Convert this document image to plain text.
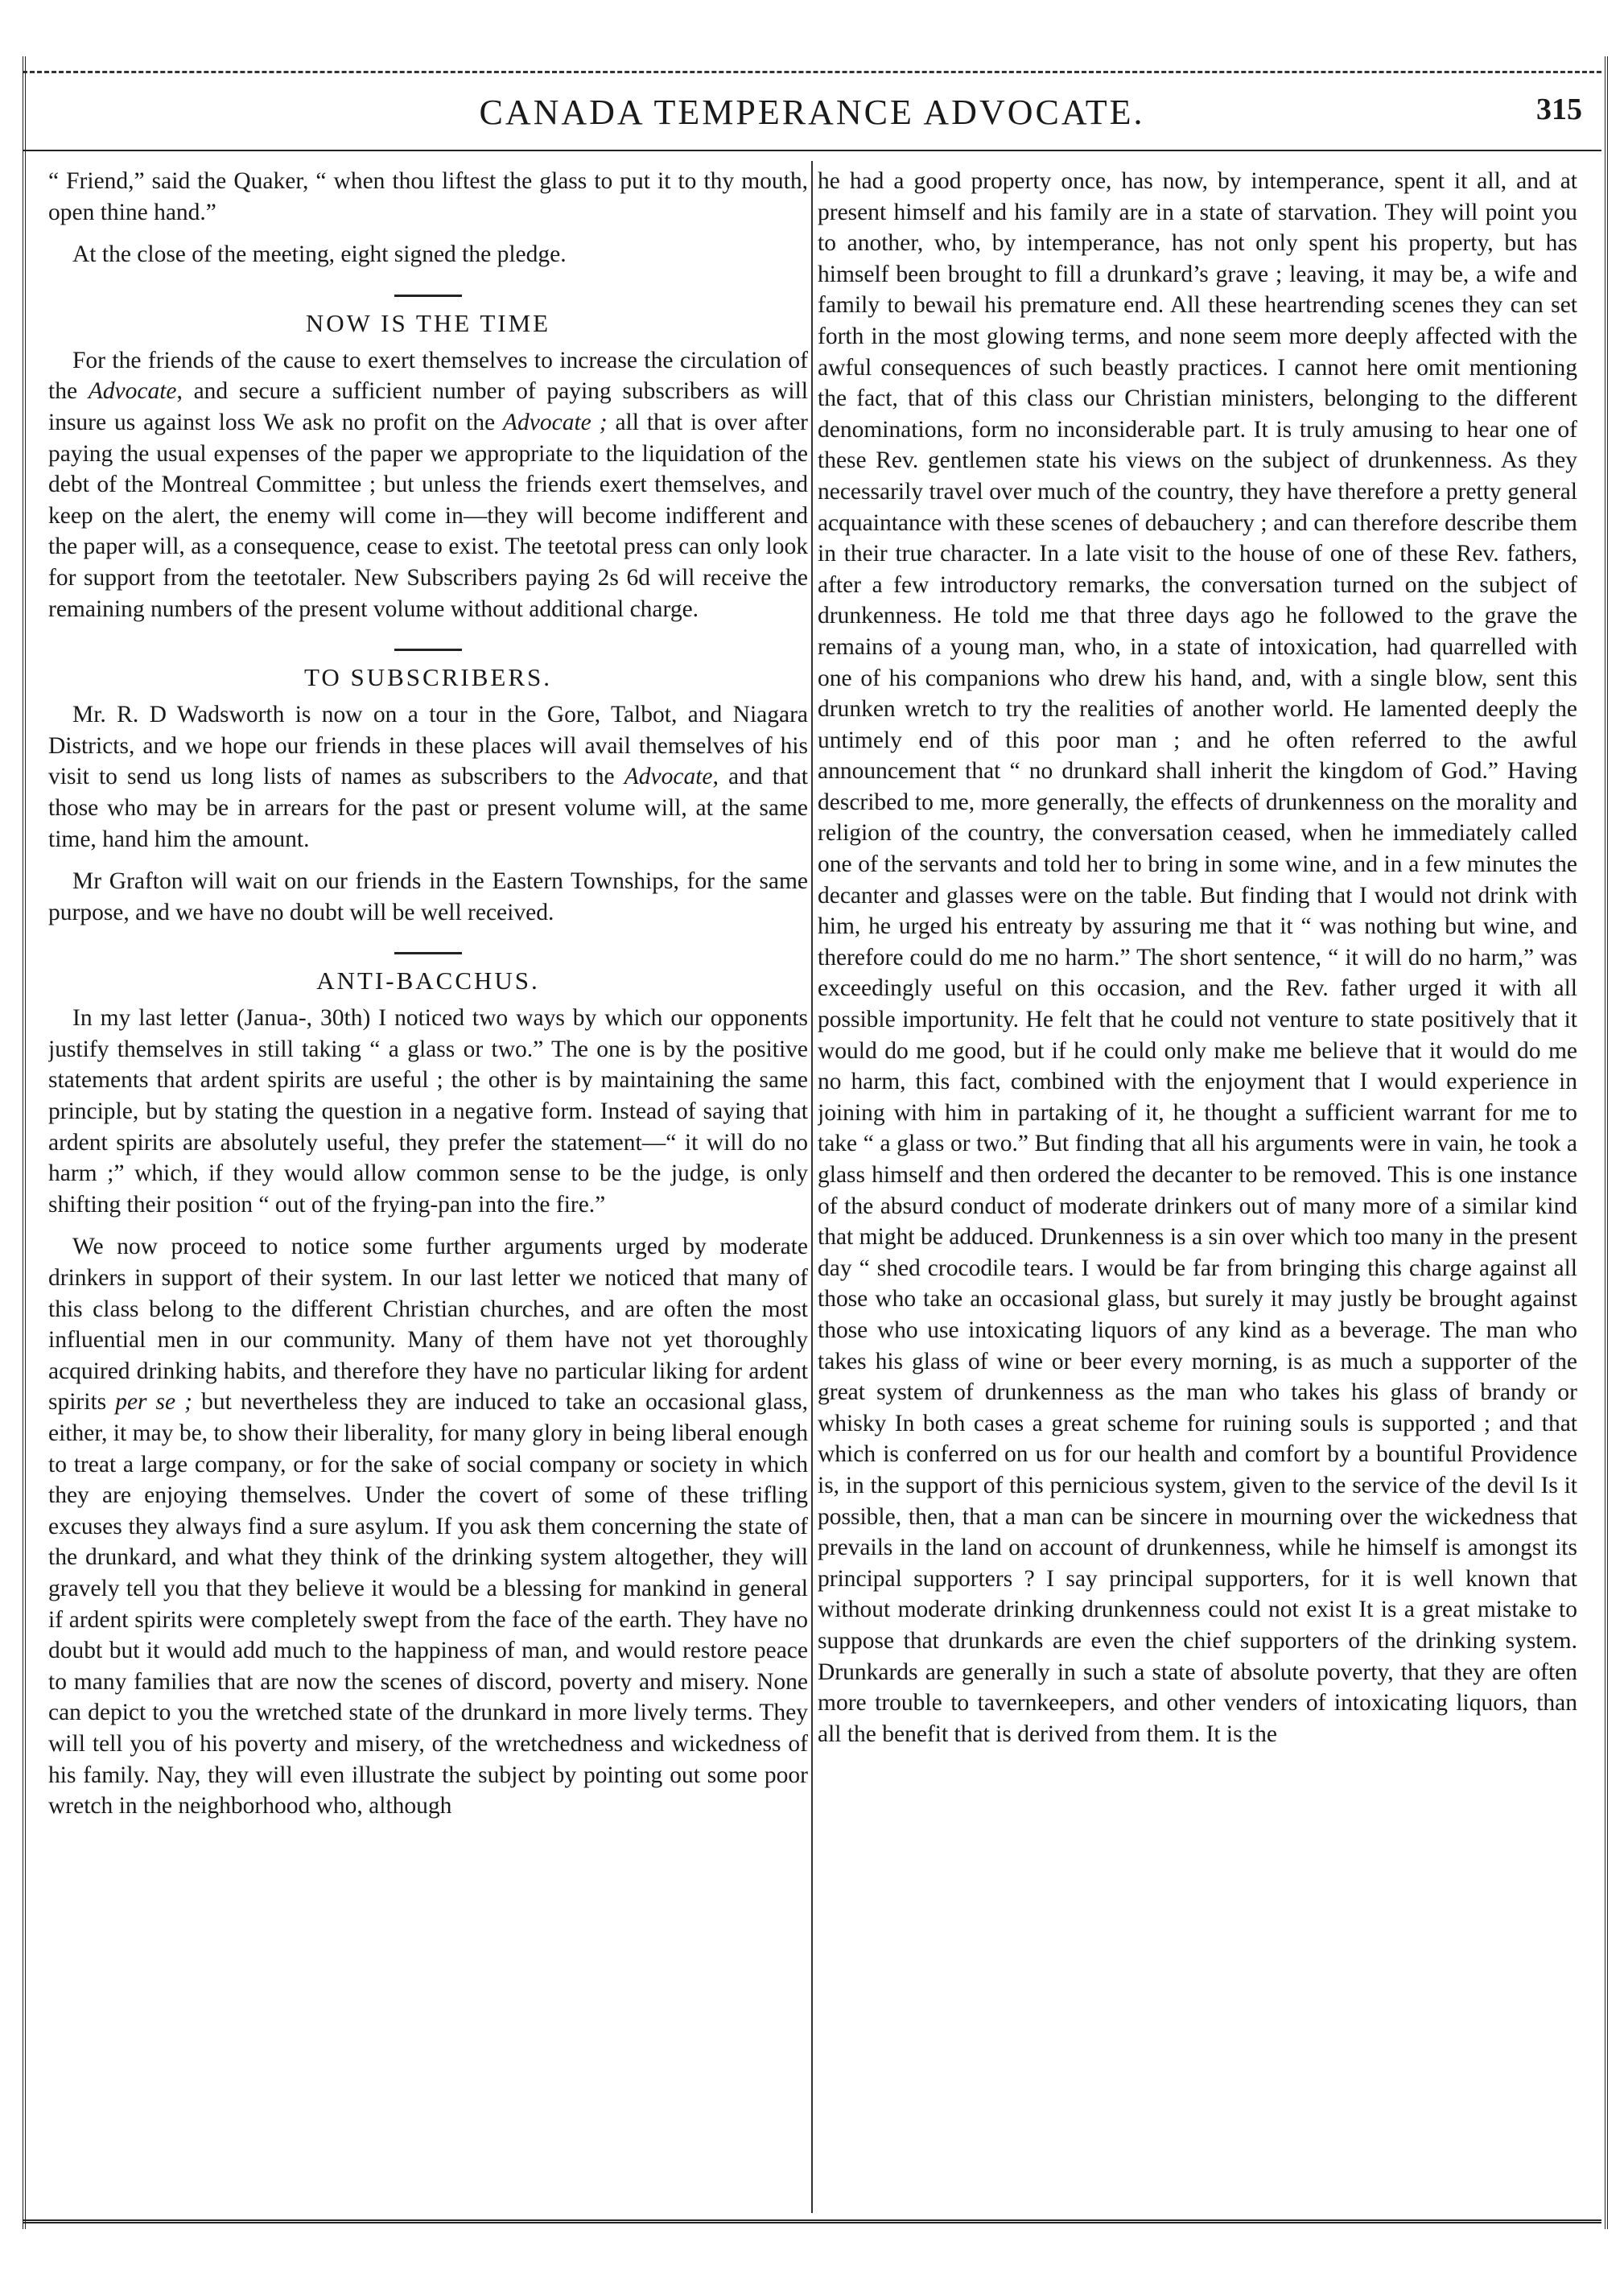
CANADA TEMPERANCE ADVOCATE.	315

“ Friend,” said the Quaker, “ when thou liftest the glass to put it to thy mouth, open thine hand.”

At the close of the meeting, eight signed the pledge.

NOW IS THE TIME

For the friends of the cause to exert themselves to increase the circulation of the Advocate, and secure a sufficient number of paying subscribers as will insure us against loss We ask no profit on the Advocate ; all that is over after paying the usual expenses of the paper we appropriate to the liquidation of the debt of the Montreal Committee ; but unless the friends exert themselves, and keep on the alert, the enemy will come in—they will become indifferent and the paper will, as a consequence, cease to exist. The teetotal press can only look for support from the teetotaler. New Subscribers paying 2s 6d will receive the remaining numbers of the present volume without additional charge.

TO SUBSCRIBERS.

Mr. R. D Wadsworth is now on a tour in the Gore, Talbot, and Niagara Districts, and we hope our friends in these places will avail themselves of his visit to send us long lists of names as subscribers to the Advocate, and that those who may be in arrears for the past or present volume will, at the same time, hand him the amount.

Mr Grafton will wait on our friends in the Eastern Townships, for the same purpose, and we have no doubt will be well received.

ANTI-BACCHUS.

In my last letter (Janua-, 30th) I noticed two ways by which our opponents justify themselves in still taking “ a glass or two.” The one is by the positive statements that ardent spirits are useful ; the other is by maintaining the same principle, but by stating the question in a negative form. Instead of saying that ardent spirits are absolutely useful, they prefer the statement—“ it will do no harm ;” which, if they would allow common sense to be the judge, is only shifting their position “ out of the frying-pan into the fire.”

We now proceed to notice some further arguments urged by moderate drinkers in support of their system. In our last letter we noticed that many of this class belong to the different Christian churches, and are often the most influential men in our community. Many of them have not yet thoroughly acquired drinking habits, and therefore they have no particular liking for ardent spirits per se ; but nevertheless they are induced to take an occasional glass, either, it may be, to show their liberality, for many glory in being liberal enough to treat a large company, or for the sake of social company or society in which they are enjoying themselves. Under the covert of some of these trifling excuses they always find a sure asylum. If you ask them concerning the state of the drunkard, and what they think of the drinking system altogether, they will gravely tell you that they believe it would be a blessing for mankind in general if ardent spirits were completely swept from the face of the earth. They have no doubt but it would add much to the happiness of man, and would restore peace to many families that are now the scenes of discord, poverty and misery. None can depict to you the wretched state of the drunkard in more lively terms. They will tell you of his poverty and misery, of the wretchedness and wickedness of his family. Nay, they will even illustrate the subject by pointing out some poor wretch in the neighborhood who, although

he had a good property once, has now, by intemperance, spent it all, and at present himself and his family are in a state of starvation. They will point you to another, who, by intemperance, has not only spent his property, but has himself been brought to fill a drunkard’s grave ; leaving, it may be, a wife and family to bewail his premature end. All these heartrending scenes they can set forth in the most glowing terms, and none seem more deeply affected with the awful consequences of such beastly practices. I cannot here omit mentioning the fact, that of this class our Christian ministers, belonging to the different denominations, form no inconsiderable part. It is truly amusing to hear one of these Rev. gentlemen state his views on the subject of drunkenness. As they necessarily travel over much of the country, they have therefore a pretty general acquaintance with these scenes of debauchery ; and can therefore describe them in their true character. In a late visit to the house of one of these Rev. fathers, after a few introductory remarks, the conversation turned on the subject of drunkenness. He told me that three days ago he followed to the grave the remains of a young man, who, in a state of intoxication, had quarrelled with one of his companions who drew his hand, and, with a single blow, sent this drunken wretch to try the realities of another world. He lamented deeply the untimely end of this poor man ; and he often referred to the awful announcement that “ no drunkard shall inherit the kingdom of God.” Having described to me, more generally, the effects of drunkenness on the morality and religion of the country, the conversation ceased, when he immediately called one of the servants and told her to bring in some wine, and in a few minutes the decanter and glasses were on the table. But finding that I would not drink with him, he urged his entreaty by assuring me that it “ was nothing but wine, and therefore could do me no harm.” The short sentence, “ it will do no harm,” was exceedingly useful on this occasion, and the Rev. father urged it with all possible importunity. He felt that he could not venture to state positively that it would do me good, but if he could only make me believe that it would do me no harm, this fact, combined with the enjoyment that I would experience in joining with him in partaking of it, he thought a sufficient warrant for me to take “ a glass or two.” But finding that all his arguments were in vain, he took a glass himself and then ordered the decanter to be removed. This is one instance of the absurd conduct of moderate drinkers out of many more of a similar kind that might be adduced. Drunkenness is a sin over which too many in the present day “ shed crocodile tears. I would be far from bringing this charge against all those who take an occasional glass, but surely it may justly be brought against those who use intoxicating liquors of any kind as a beverage. The man who takes his glass of wine or beer every morning, is as much a supporter of the great system of drunkenness as the man who takes his glass of brandy or whisky In both cases a great scheme for ruining souls is supported ; and that which is conferred on us for our health and comfort by a bountiful Providence is, in the support of this pernicious system, given to the service of the devil Is it possible, then, that a man can be sincere in mourning over the wickedness that prevails in the land on account of drunkenness, while he himself is amongst its principal supporters ? I say principal supporters, for it is well known that without moderate drinking drunkenness could not exist It is a great mistake to suppose that drunkards are even the chief supporters of the drinking system. Drunkards are generally in such a state of absolute poverty, that they are often more trouble to tavernkeepers, and other venders of intoxicating liquors, than all the benefit that is derived from them. It is the
